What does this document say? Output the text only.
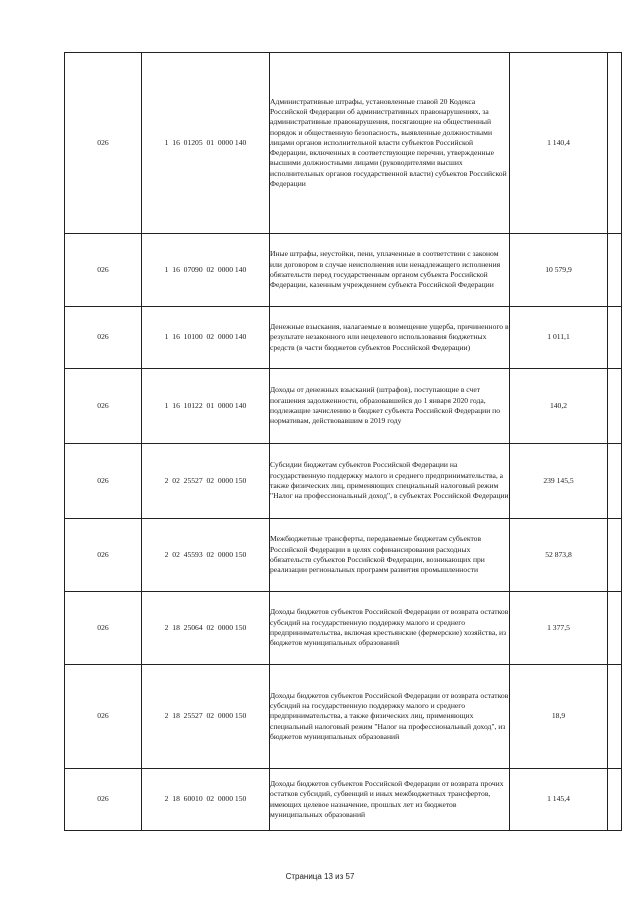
026	1  16  01205  01  0000 140	Административные штрафы, установленные главой 20 Кодекса Российской Федерации об административных правонарушениях, за административные правонарушения, посягающие на общественный порядок и общественную безопасность, выявленные должностными лицами органов исполнительной власти субъектов Российской Федерации, включенных в соответствующие перечни, утвержденные высшими должностными лицами (руководителями высших исполнительных органов государственной власти) субъектов Российской Федерации	1 140,4	
026	1  16  07090  02  0000 140	Иные штрафы, неустойки, пени, уплаченные в соответствии с законом или договором в случае неисполнения или ненадлежащего исполнения обязательств перед государственным органом субъекта Российской Федерации, казенным учреждением субъекта Российской Федерации	10 579,9	
026	1  16  10100  02  0000 140	Денежные взыскания, налагаемые в возмещение ущерба, причиненного в результате незаконного или нецелевого использования бюджетных средств (в части бюджетов субъектов Российской Федерации)	1 011,1	
026	1  16  10122  01  0000 140	Доходы от денежных взысканий (штрафов), поступающие в счет погашения задолженности, образовавшейся до 1 января 2020 года, подлежащие зачислению в бюджет субъекта Российской Федерации по нормативам, действовавшим в 2019 году	140,2	
026	2  02  25527  02  0000 150	Субсидии бюджетам субъектов Российской Федерации на государственную поддержку малого и среднего предпринимательства, а также физических лиц, применяющих специальный налоговый режим "Налог на профессиональный доход", в субъектах Российской Федерации	239 145,5	
026	2  02  45593  02  0000 150	Межбюджетные трансферты, передаваемые бюджетам субъектов Российской Федерации в целях софинансирования расходных обязательств субъектов Российской Федерации, возникающих при реализации региональных программ развития промышленности	52 873,8	
026	2  18  25064  02  0000 150	Доходы бюджетов субъектов Российской Федерации от возврата остатков субсидий на государственную поддержку малого и среднего предпринимательства, включая крестьянские (фермерские) хозяйства, из бюджетов муниципальных образований	1 377,5	
026	2  18  25527  02  0000 150	Доходы бюджетов субъектов Российской Федерации от возврата остатков субсидий на государственную поддержку малого и среднего предпринимательства, а также физических лиц, применяющих специальный налоговый режим "Налог на профессиональный доход", из бюджетов муниципальных образований	18,9	
026	2  18  60010  02  0000 150	Доходы бюджетов субъектов Российской Федерации от возврата прочих остатков субсидий, субвенций и иных межбюджетных трансфертов, имеющих целевое назначение, прошлых лет из бюджетов муниципальных образований	1 145,4	
Страница 13 из 57
